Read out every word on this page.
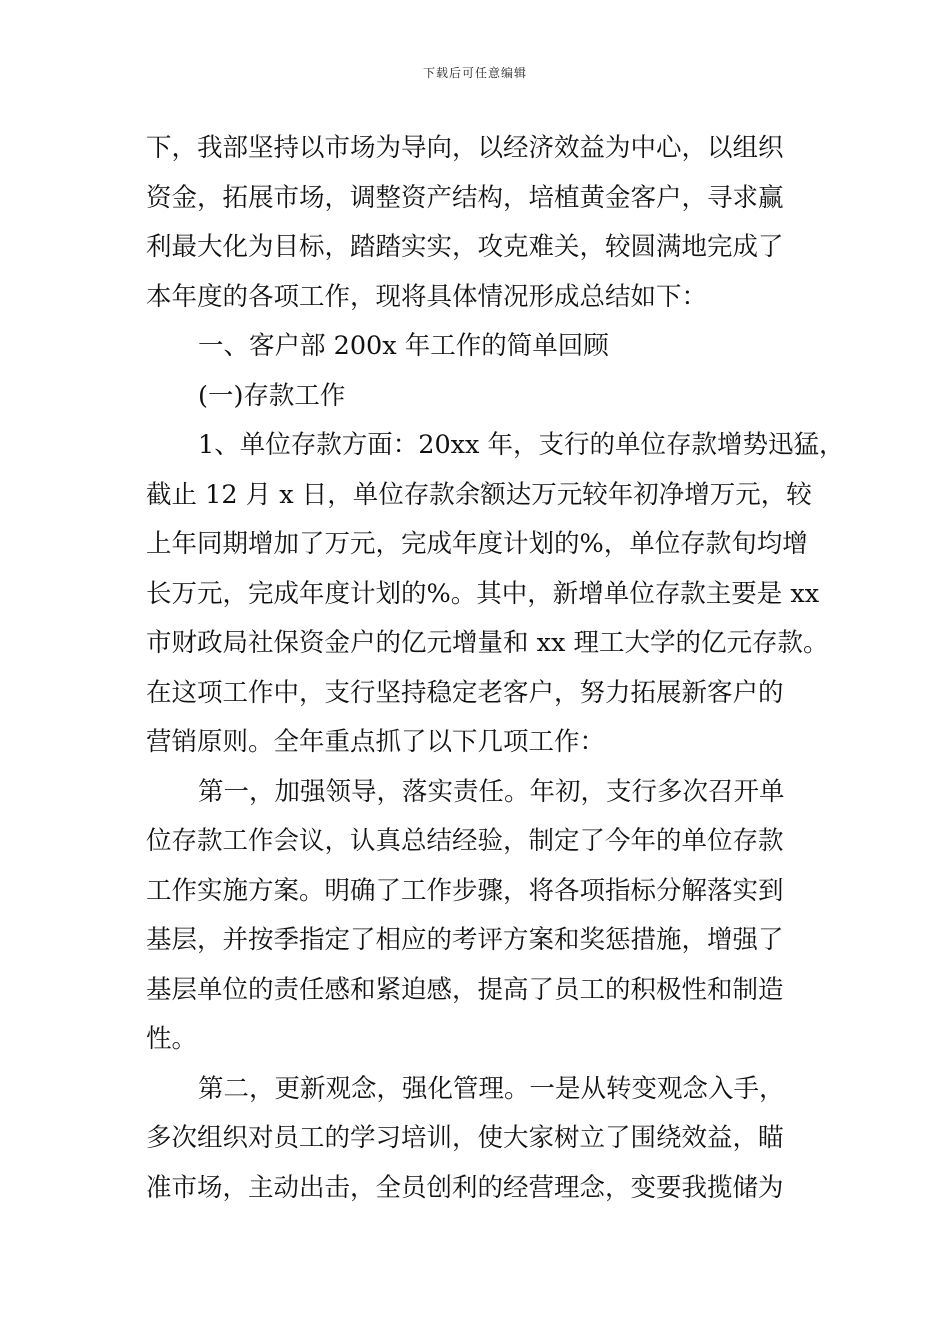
下载后可任意编辑
下，我部坚持以市场为导向，以经济效益为中心，以组织
资金，拓展市场，调整资产结构，培植黄金客户，寻求赢
利最大化为目标，踏踏实实，攻克难关，较圆满地完成了
本年度的各项工作，现将具体情况形成总结如下：
一、客户部 200x 年工作的简单回顾
(一)存款工作
1、单位存款方面：20xx 年，支行的单位存款增势迅猛，
截止 12 月 x 日，单位存款余额达万元较年初净增万元，较
上年同期增加了万元，完成年度计划的%，单位存款旬均增
长万元，完成年度计划的%。其中，新增单位存款主要是 xx
市财政局社保资金户的亿元增量和 xx 理工大学的亿元存款。
在这项工作中，支行坚持稳定老客户，努力拓展新客户的
营销原则。全年重点抓了以下几项工作：
第一，加强领导，落实责任。年初，支行多次召开单
位存款工作会议，认真总结经验，制定了今年的单位存款
工作实施方案。明确了工作步骤，将各项指标分解落实到
基层，并按季指定了相应的考评方案和奖惩措施，增强了
基层单位的责任感和紧迫感，提高了员工的积极性和制造
性。
第二，更新观念，强化管理。一是从转变观念入手，
多次组织对员工的学习培训，使大家树立了围绕效益，瞄
准市场，主动出击，全员创利的经营理念，变要我揽储为
